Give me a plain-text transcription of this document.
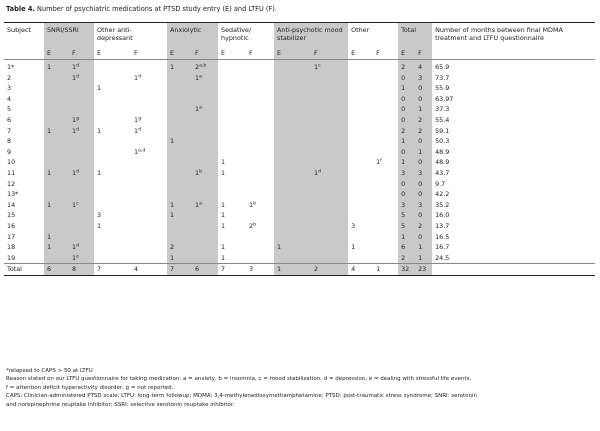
Table 4. Number of psychiatric medications at PTSD study entry (E) and LTFU (F).
Subject	SNRI/SSRI		Other anti-depressant		Anxiolytic		Sedative/ hypnotic		Anti-psychotic mood stabilizer		Other		Total		Number of months between final MDMA treatment and LTFU questionnaire
	E	F	E	F	E	F	E	F	E	F	E	F	E	F	
1*	1	1$^d$			1	2$^{a,b}$				1$^c$			2	4	65.9
2		1$^d$		1$^d$		1$^a$							0	3	73.7
3			1										1	0	55.9
4													0	0	63.97
5						1$^a$							0	1	37.3
6		1$^g$		1$^g$									0	2	55.4
7	1	1$^d$	1	1$^d$									2	2	59.1
8					1								1	0	50.3
9				1$^{a,d}$									0	1	48.9
10							1					1$^f$	1	0	48.9
11	1	1$^d$	1			1$^b$	1			1$^d$			3	3	43.7
12													0	0	9.7
13*													0	0	42.2
14	1	1$^c$			1	1$^a$	1	1$^b$					3	3	35.2
15			3		1		1						5	0	16.0
16			1				1	2$^b$			3		5	2	13.7
17	1												1	0	16.5
18	1	1$^d$			2		1		1		1		6	1	16.7
19		1e			1		1						2	1	24.5
Total	6	8	7	4	7	6	7	3	1	2	4	1	32	23	
*relapsed to CAPS > 50 at LTFU
Reason stated on our LTFU questionnaire for taking medication: a = anxiety, b = insomnia, c = mood stabilization, d = depression, e = dealing with stressful life events,
f = attention deficit hyperactivity disorder, g = not reported.
CAPS: Clinician-administered PTSD scale; LTFU: long-term followup; MDMA: 3,4-methylenedioxymethamphetamine; PTSD: post-traumatic stress syndrome; SNRI: serotonin
and norepinephrine reuptake inhibitor; SSRI: selective serotonin reuptake inhibitor.
